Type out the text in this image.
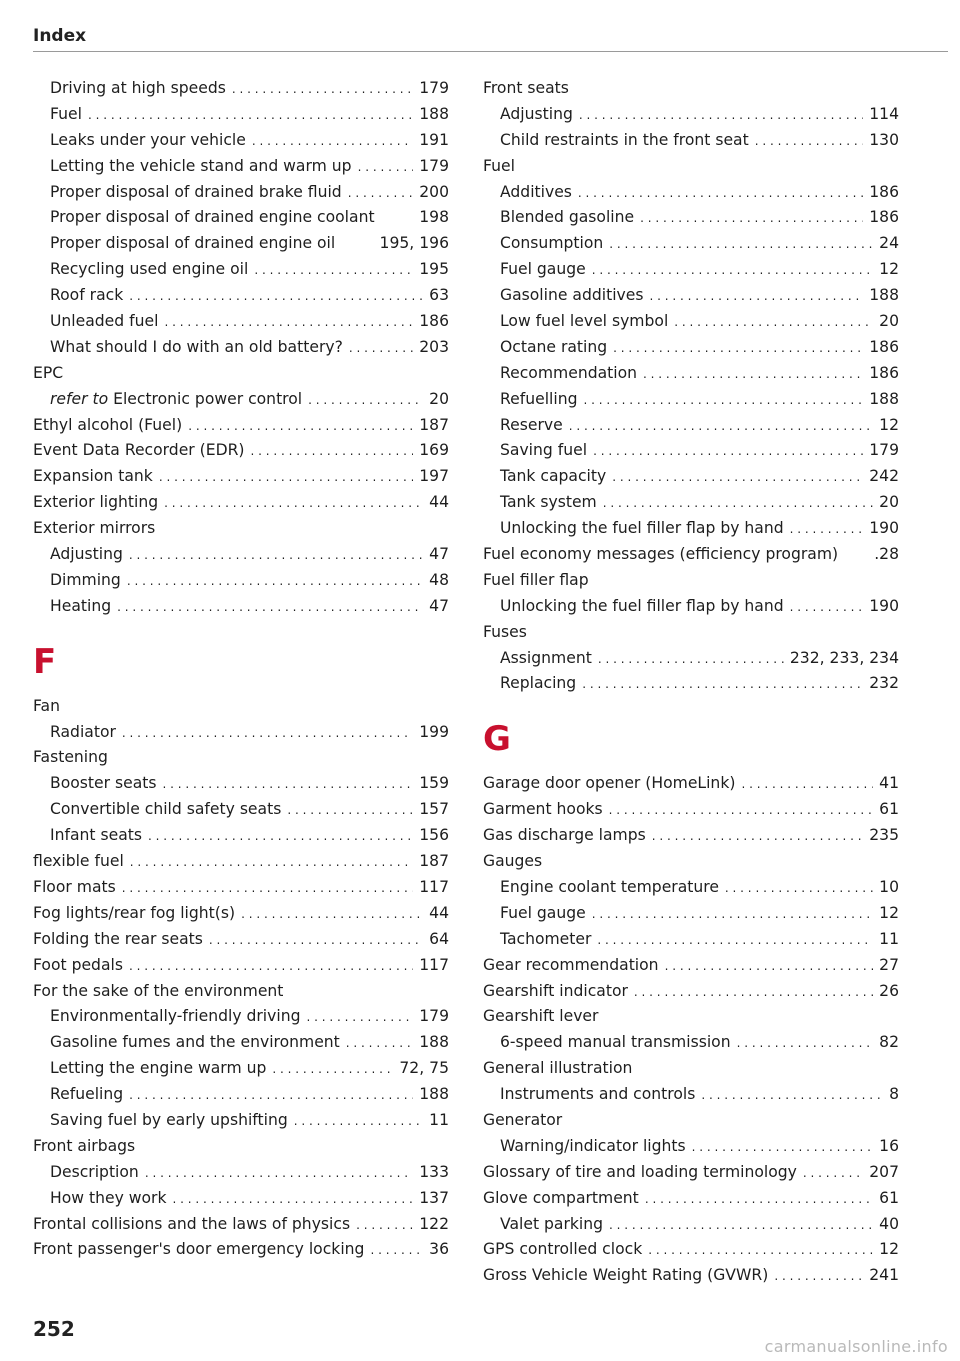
Index
Driving at high speeds . . .	179
Fuel . . .	188
Leaks under your vehicle . . .	191
Letting the vehicle stand and warm up . . .	179
Proper disposal of drained brake fluid . . .	200
Proper disposal of drained engine coolant	198
Proper disposal of drained engine oil	195, 196
Recycling used engine oil . . .	195
Roof rack . . .	63
Unleaded fuel . . .	186
What should I do with an old battery? . . .	203
EPC
refer to Electronic power control . . .	20
Ethyl alcohol (Fuel) . . .	187
Event Data Recorder (EDR) . . .	169
Expansion tank . . .	197
Exterior lighting . . .	44
Exterior mirrors
Adjusting . . .	47
Dimming . . .	48
Heating . . .	47
F
Fan
Radiator . . .	199
Fastening
Booster seats . . .	159
Convertible child safety seats . . .	157
Infant seats . . .	156
flexible fuel . . .	187
Floor mats . . .	117
Fog lights/rear fog light(s) . . .	44
Folding the rear seats . . .	64
Foot pedals . . .	117
For the sake of the environment
Environmentally-friendly driving . . .	179
Gasoline fumes and the environment . . .	188
Letting the engine warm up . . .	72, 75
Refueling . . .	188
Saving fuel by early upshifting . . .	11
Front airbags
Description . . .	133
How they work . . .	137
Frontal collisions and the laws of physics . . .	122
Front passenger's door emergency locking . . .	36
Front seats
Adjusting . . .	114
Child restraints in the front seat . . .	130
Fuel
Additives . . .	186
Blended gasoline . . .	186
Consumption . . .	24
Fuel gauge . . .	12
Gasoline additives . . .	188
Low fuel level symbol . . .	20
Octane rating . . .	186
Recommendation . . .	186
Refuelling . . .	188
Reserve . . .	12
Saving fuel . . .	179
Tank capacity . . .	242
Tank system . . .	20
Unlocking the fuel filler flap by hand . . .	190
Fuel economy messages (efficiency program) .28
Fuel filler flap
Unlocking the fuel filler flap by hand . . .	190
Fuses
Assignment . . .	232, 233, 234
Replacing . . .	232
G
Garage door opener (HomeLink) . . .	41
Garment hooks . . .	61
Gas discharge lamps . . .	235
Gauges
Engine coolant temperature . . .	10
Fuel gauge . . .	12
Tachometer . . .	11
Gear recommendation . . .	27
Gearshift indicator . . .	26
Gearshift lever
6-speed manual transmission . . .	82
General illustration
Instruments and controls . . .	8
Generator
Warning/indicator lights . . .	16
Glossary of tire and loading terminology . . .	207
Glove compartment . . .	61
Valet parking . . .	40
GPS controlled clock . . .	12
Gross Vehicle Weight Rating (GVWR) . . .	241
252
carmanualsonline.info
